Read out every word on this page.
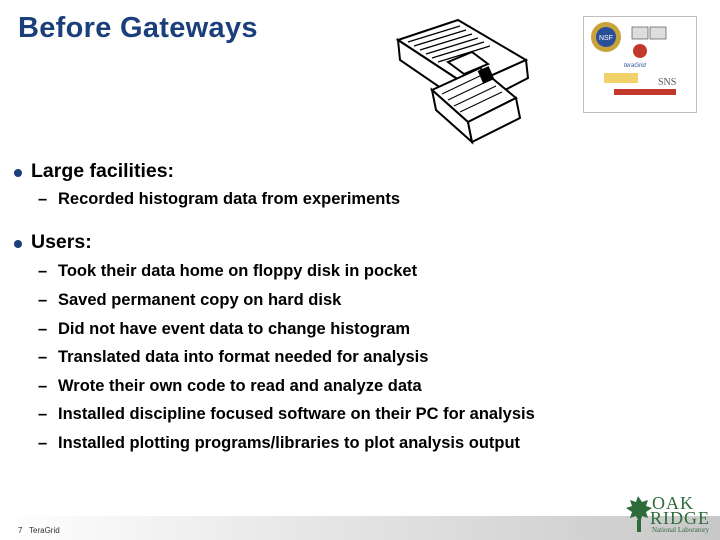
Before Gateways	NSF
teraGrid
SNS
Large facilities:
– Recorded histogram data from experiments
Users:
– Took their data home on floppy disk in pocket
– Saved permanent copy on hard disk
– Did not have event data to change histogram
– Translated data into format needed for analysis
– Wrote their own code to read and analyze data
– Installed discipline focused software on their PC for analysis
– Installed plotting programs/libraries to plot analysis output
7 TeraGrid
OAK
RIDGE
National Laboratory
